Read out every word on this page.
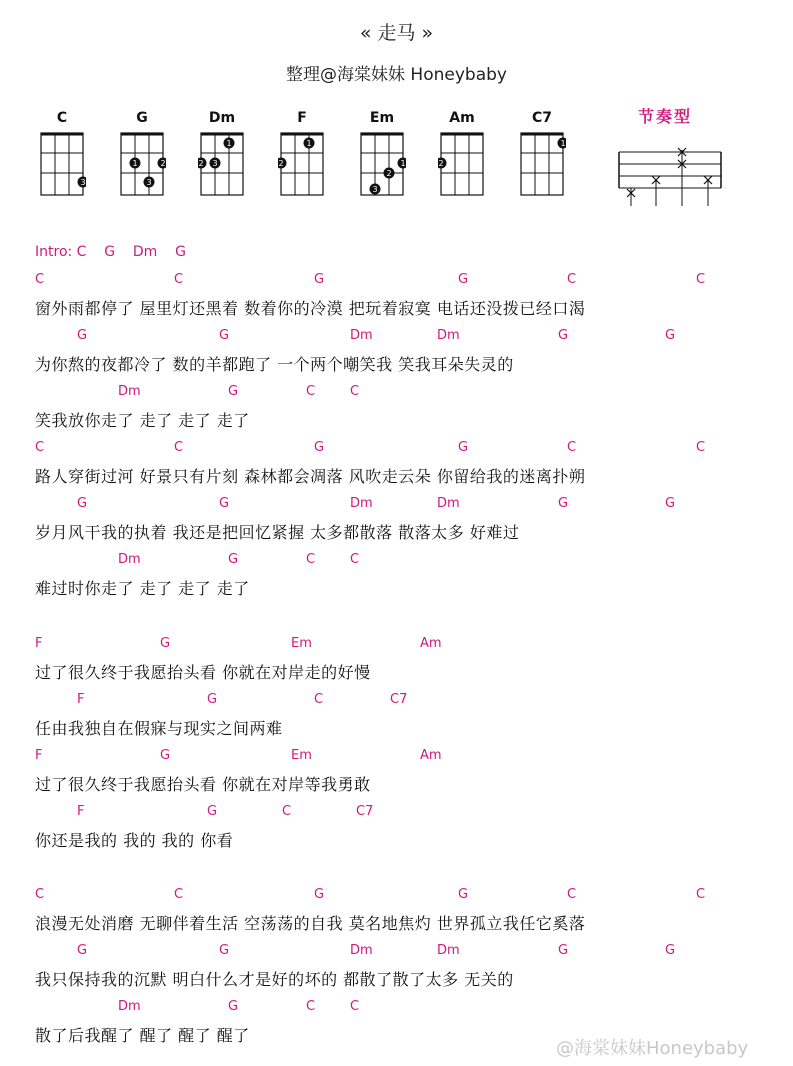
« 走马 »
整理@海棠妹妹 Honeybaby
C
3
G
1	2
3
Dm
1
2 3
F
1
2
Em
1
2
3
Am
2
C7
1
节奏型
Intro: C    G    Dm    G
C	C	G	G	C	C
窗外雨都停了 屋里灯还黑着 数着你的冷漠 把玩着寂寞 电话还没拨已经口渴
G	G	Dm	Dm	G	G
为你熬的夜都冷了 数的羊都跑了 一个两个嘲笑我 笑我耳朵失灵的
Dm	G	C	C
笑我放你走了 走了 走了 走了
C	C	G	G	C	C
路人穿街过河 好景只有片刻 森林都会凋落 风吹走云朵 你留给我的迷离扑朔
G	G	Dm	Dm	G	G
岁月风干我的执着 我还是把回忆紧握 太多都散落 散落太多 好难过
Dm	G	C	C
难过时你走了 走了 走了 走了
F	G	Em	Am
过了很久终于我愿抬头看 你就在对岸走的好慢
F	G	C	C7
任由我独自在假寐与现实之间两难
F	G	Em	Am
过了很久终于我愿抬头看 你就在对岸等我勇敢
F	G	C	C7
你还是我的 我的 我的 你看
C	C	G	G	C	C
浪漫无处消磨 无聊伴着生活 空荡荡的自我 莫名地焦灼 世界孤立我任它奚落
G	G	Dm	Dm	G	G
我只保持我的沉默 明白什么才是好的坏的 都散了散了太多 无关的
Dm	G	C	C
散了后我醒了 醒了 醒了 醒了
@海棠妹妹Honeybaby
